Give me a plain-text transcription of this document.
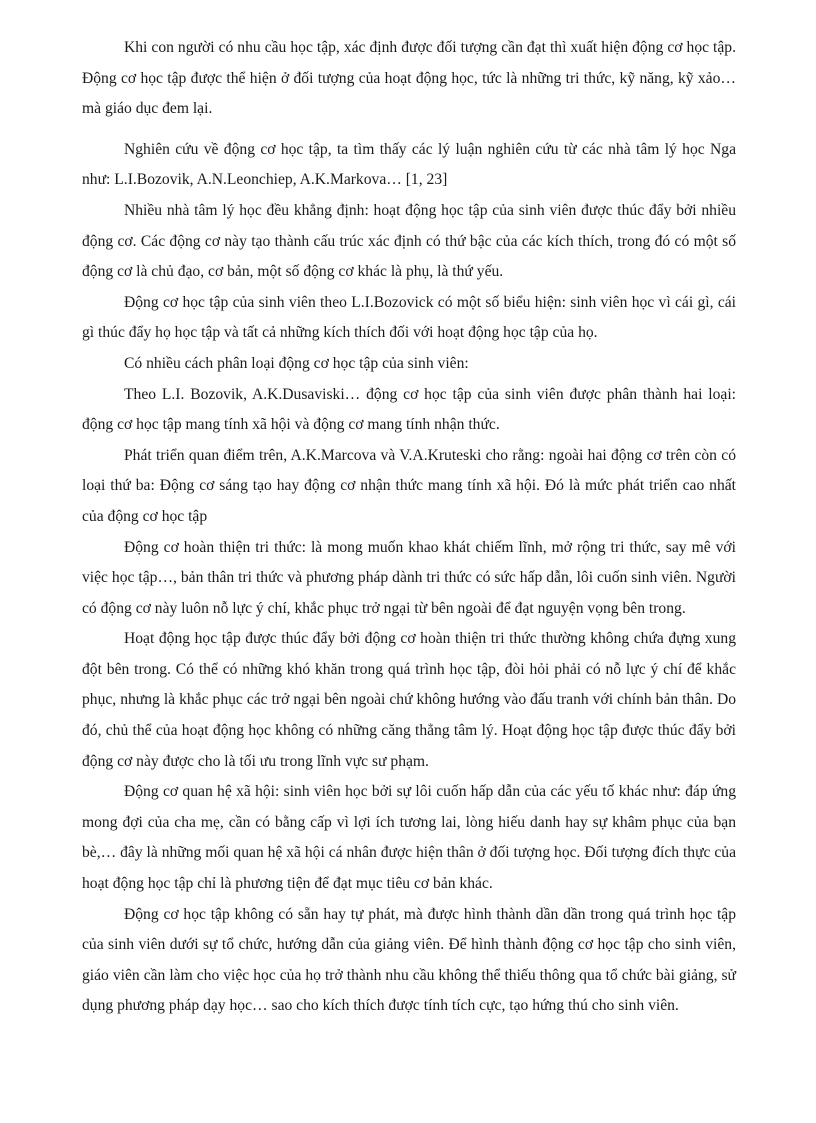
Khi con người có nhu cầu học tập, xác định được đối tượng cần đạt thì xuất hiện động cơ học tập. Động cơ học tập được thể hiện ở đối tượng của hoạt động học, tức là những tri thức, kỹ năng, kỹ xảo… mà giáo dục đem lại.

Nghiên cứu về động cơ học tập, ta tìm thấy các lý luận nghiên cứu từ các nhà tâm lý học Nga như: L.I.Bozovik, A.N.Leonchiep, A.K.Markova… [1, 23]

Nhiều nhà tâm lý học đều khẳng định: hoạt động học tập của sinh viên được thúc đẩy bởi nhiều động cơ. Các động cơ này tạo thành cấu trúc xác định có thứ bậc của các kích thích, trong đó có một số động cơ là chủ đạo, cơ bản, một số động cơ khác là phụ, là thứ yếu.

Động cơ học tập của sinh viên theo L.I.Bozovick có một số biểu hiện: sinh viên học vì cái gì, cái gì thúc đẩy họ học tập và tất cả những kích thích đối với hoạt động học tập của họ.

Có nhiều cách phân loại động cơ học tập của sinh viên:

Theo L.I. Bozovik, A.K.Dusaviski… động cơ học tập của sinh viên được phân thành hai loại: động cơ học tập mang tính xã hội và động cơ mang tính nhận thức.

Phát triển quan điểm trên, A.K.Marcova và V.A.Kruteski cho rằng: ngoài hai động cơ trên còn có loại thứ ba: Động cơ sáng tạo hay động cơ nhận thức mang tính xã hội. Đó là mức phát triển cao nhất của động cơ học tập

Động cơ hoàn thiện tri thức: là mong muốn khao khát chiếm lĩnh, mở rộng tri thức, say mê với việc học tập…, bản thân tri thức và phương pháp dành tri thức có sức hấp dẫn, lôi cuốn sinh viên. Người có động cơ này luôn nỗ lực ý chí, khắc phục trở ngại từ bên ngoài để đạt nguyện vọng bên trong.

Hoạt động học tập được thúc đẩy bởi động cơ hoàn thiện tri thức thường không chứa đựng xung đột bên trong. Có thể có những khó khăn trong quá trình học tập, đòi hỏi phải có nỗ lực ý chí để khắc phục, nhưng là khắc phục các trở ngại bên ngoài chứ không hướng vào đấu tranh với chính bản thân. Do đó, chủ thể của hoạt động học không có những căng thẳng tâm lý. Hoạt động học tập được thúc đẩy bởi động cơ này được cho là tối ưu trong lĩnh vực sư phạm.

Động cơ quan hệ xã hội: sinh viên học bởi sự lôi cuốn hấp dẫn của các yếu tố khác như: đáp ứng mong đợi của cha mẹ, cần có bằng cấp vì lợi ích tương lai, lòng hiếu danh hay sự khâm phục của bạn bè,… đây là những mối quan hệ xã hội cá nhân được hiện thân ở đối tượng học. Đối tượng đích thực của hoạt động học tập chỉ là phương tiện để đạt mục tiêu cơ bản khác.

Động cơ học tập không có sẵn hay tự phát, mà được hình thành dần dần trong quá trình học tập của sinh viên dưới sự tổ chức, hướng dẫn của giảng viên. Để hình thành động cơ học tập cho sinh viên, giáo viên cần làm cho việc học của họ trở thành nhu cầu không thể thiếu thông qua tổ chức bài giảng, sử dụng phương pháp dạy học… sao cho kích thích được tính tích cực, tạo hứng thú cho sinh viên.
